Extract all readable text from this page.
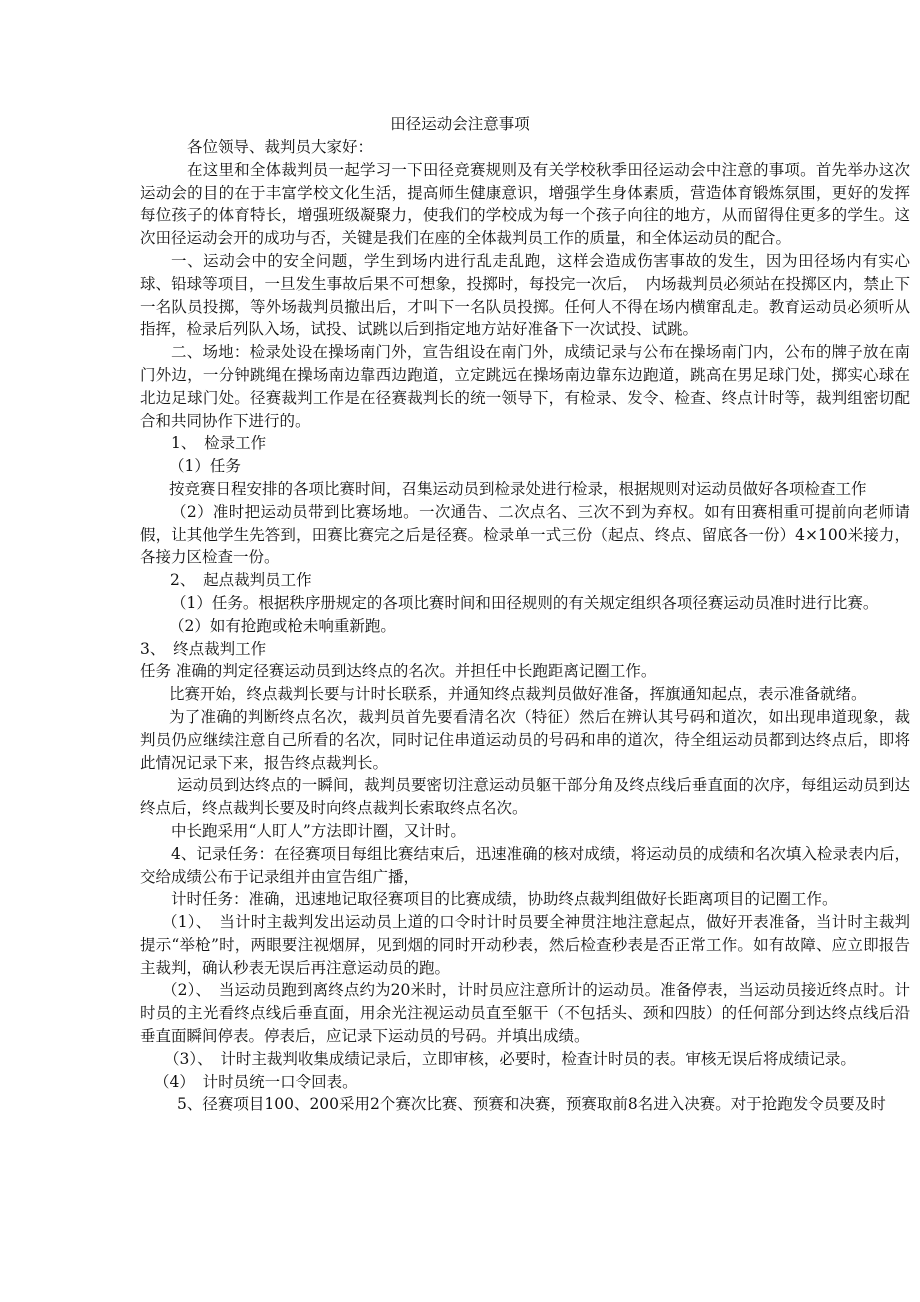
田径运动会注意事项

各位领导、裁判员大家好：

在这里和全体裁判员一起学习一下田径竞赛规则及有关学校秋季田径运动会中注意的事项。首先举办这次运动会的目的在于丰富学校文化生活，提高师生健康意识，增强学生身体素质，营造体育锻炼氛围，更好的发挥每位孩子的体育特长，增强班级凝聚力，使我们的学校成为每一个孩子向往的地方，从而留得住更多的学生。这次田径运动会开的成功与否，关键是我们在座的全体裁判员工作的质量，和全体运动员的配合。

一、运动会中的安全问题，学生到场内进行乱走乱跑，这样会造成伤害事故的发生，因为田径场内有实心球、铅球等项目，一旦发生事故后果不可想象，投掷时，每投完一次后，　内场裁判员必须站在投掷区内，禁止下一名队员投掷，等外场裁判员撤出后，才叫下一名队员投掷。任何人不得在场内横窜乱走。教育运动员必须听从指挥，检录后列队入场，试投、试跳以后到指定地方站好准备下一次试投、试跳。

二、场地：检录处设在操场南门外，宣告组设在南门外，成绩记录与公布在操场南门内，公布的牌子放在南门外边，一分钟跳绳在操场南边靠西边跑道，立定跳远在操场南边靠东边跑道，跳高在男足球门处，掷实心球在北边足球门处。径赛裁判工作是在径赛裁判长的统一领导下，有检录、发令、检查、终点计时等，裁判组密切配合和共同协作下进行的。

1、　检录工作

（1）任务

按竞赛日程安排的各项比赛时间，召集运动员到检录处进行检录，根据规则对运动员做好各项检查工作

（2）准时把运动员带到比赛场地。一次通告、二次点名、三次不到为弃权。如有田赛相重可提前向老师请假，让其他学生先答到，田赛比赛完之后是径赛。检录单一式三份（起点、终点、留底各一份）4×100米接力，各接力区检查一份。

2、　起点裁判员工作

（1）任务。根据秩序册规定的各项比赛时间和田径规则的有关规定组织各项径赛运动员准时进行比赛。

（2）如有抢跑或枪未响重新跑。

3、　终点裁判工作

任务 准确的判定径赛运动员到达终点的名次。并担任中长跑距离记圈工作。

比赛开始，终点裁判长要与计时长联系，并通知终点裁判员做好准备，挥旗通知起点，表示准备就绪。

为了准确的判断终点名次，裁判员首先要看清名次（特征）然后在辨认其号码和道次，如出现串道现象，裁判员仍应继续注意自己所看的名次，同时记住串道运动员的号码和串的道次，待全组运动员都到达终点后，即将此情况记录下来，报告终点裁判长。

运动员到达终点的一瞬间，裁判员要密切注意运动员躯干部分角及终点线后垂直面的次序，每组运动员到达终点后，终点裁判长要及时向终点裁判长索取终点名次。

中长跑采用“人盯人”方法即计圈，又计时。

4、记录任务：在径赛项目每组比赛结束后，迅速准确的核对成绩，将运动员的成绩和名次填入检录表内后，交给成绩公布于记录组并由宣告组广播，

计时任务：准确，迅速地记取径赛项目的比赛成绩，协助终点裁判组做好长距离项目的记圈工作。

（1）、　当计时主裁判发出运动员上道的口令时计时员要全神贯注地注意起点，做好开表准备，当计时主裁判提示“举枪”时，两眼要注视烟屏，见到烟的同时开动秒表，然后检查秒表是否正常工作。如有故障、应立即报告主裁判，确认秒表无误后再注意运动员的跑。

（2）、　当运动员跑到离终点约为20米时，计时员应注意所计的运动员。准备停表，当运动员接近终点时。计时员的主光看终点线后垂直面，用余光注视运动员直至躯干（不包括头、颈和四肢）的任何部分到达终点线后沿垂直面瞬间停表。停表后，应记录下运动员的号码。并填出成绩。

（3）、　计时主裁判收集成绩记录后，立即审核，必要时，检查计时员的表。审核无误后将成绩记录。

（4）　计时员统一口令回表。

5、径赛项目100、200采用2个赛次比赛、预赛和决赛，预赛取前8名进入决赛。对于抢跑发令员要及时
